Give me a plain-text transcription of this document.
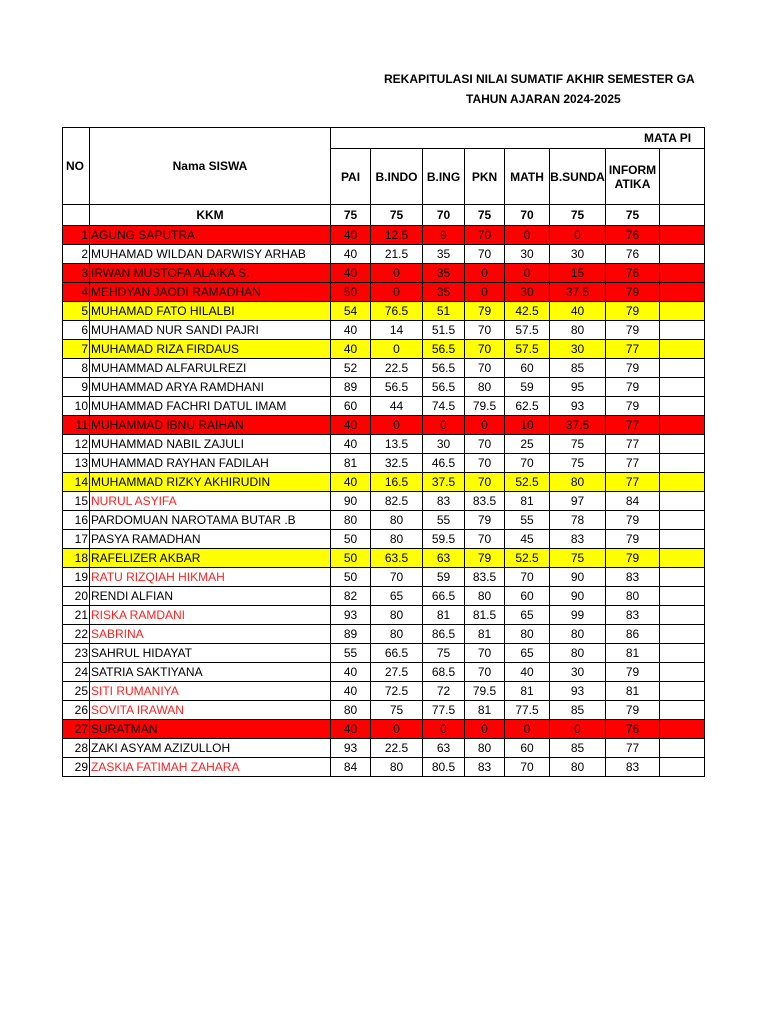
REKAPITULASI NILAI SUMATIF AKHIR SEMESTER GA
TAHUN AJARAN 2024-2025
NO	Nama SISWA	MATA PI							
		PAI	B.INDO	B.ING	PKN	MATH	B.SUNDA	INFORM ATIKA	
	KKM	75	75	70	75	70	75	75	
1	AGUNG SAPUTRA	40	12.5	9	70	0	0	76	
2	MUHAMAD WILDAN DARWISY ARHAB	40	21.5	35	70	30	30	76	
3	IRWAN MUSTOFA ALAIKA S.	40	0	35	0	0	15	76	
4	MEHDYAN JAODI RAMADHAN	50	0	35	0	30	37.5	79	
5	MUHAMAD FATO HILALBI	54	76.5	51	79	42.5	40	79	
6	MUHAMAD NUR SANDI PAJRI	40	14	51.5	70	57.5	80	79	
7	MUHAMAD RIZA FIRDAUS	40	0	56.5	70	57.5	30	77	
8	MUHAMMAD ALFARULREZI	52	22.5	56.5	70	60	85	79	
9	MUHAMMAD ARYA RAMDHANI	89	56.5	56.5	80	59	95	79	
10	MUHAMMAD FACHRI DATUL IMAM	60	44	74.5	79.5	62.5	93	79	
11	MUHAMMAD IBNU RAIHAN	40	0	0	0	10	37.5	77	
12	MUHAMMAD NABIL ZAJULI	40	13.5	30	70	25	75	77	
13	MUHAMMAD RAYHAN FADILAH	81	32.5	46.5	70	70	75	77	
14	MUHAMMAD RIZKY AKHIRUDIN	40	16.5	37.5	70	52.5	80	77	
15	NURUL ASYIFA	90	82.5	83	83.5	81	97	84	
16	PARDOMUAN NAROTAMA BUTAR .B	80	80	55	79	55	78	79	
17	PASYA RAMADHAN	50	80	59.5	70	45	83	79	
18	RAFELIZER AKBAR	50	63.5	63	79	52.5	75	79	
19	RATU RIZQIAH HIKMAH	50	70	59	83.5	70	90	83	
20	RENDI ALFIAN	82	65	66.5	80	60	90	80	
21	RISKA RAMDANI	93	80	81	81.5	65	99	83	
22	SABRINA	89	80	86.5	81	80	80	86	
23	SAHRUL HIDAYAT	55	66.5	75	70	65	80	81	
24	SATRIA SAKTIYANA	40	27.5	68.5	70	40	30	79	
25	SITI RUMANIYA	40	72.5	72	79.5	81	93	81	
26	SOVITA IRAWAN	80	75	77.5	81	77.5	85	79	
27	SURATMAN	40	0	0	0	0	0	76	
28	ZAKI ASYAM AZIZULLOH	93	22.5	63	80	60	85	77	
29	ZASKIA FATIMAH ZAHARA	84	80	80.5	83	70	80	83	
